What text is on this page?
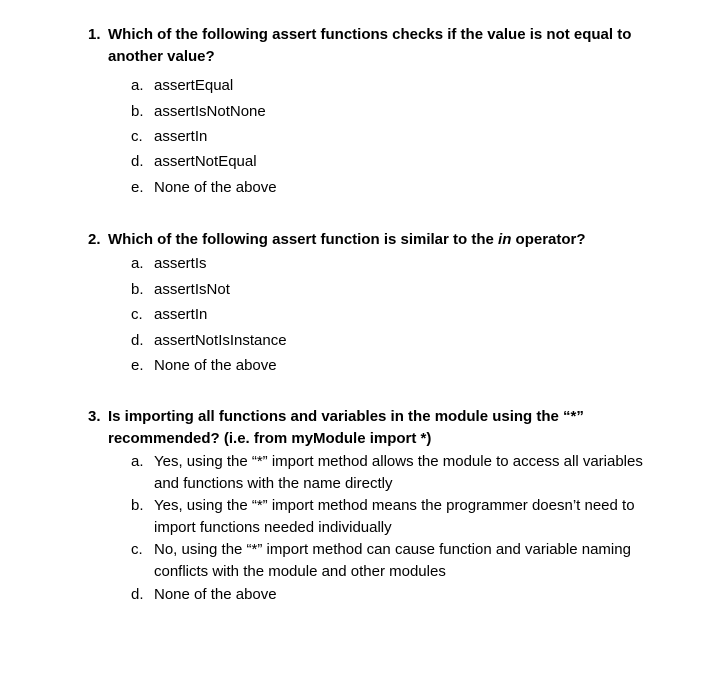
1. Which of the following assert functions checks if the value is not equal to another value?
a. assertEqual
b. assertIsNotNone
c. assertIn
d. assertNotEqual
e. None of the above
2. Which of the following assert function is similar to the in operator?
a. assertIs
b. assertIsNot
c. assertIn
d. assertNotIsInstance
e. None of the above
3. Is importing all functions and variables in the module using the “*” recommended? (i.e. from myModule import *)
a. Yes, using the “*” import method allows the module to access all variables and functions with the name directly
b. Yes, using the “*” import method means the programmer doesn’t need to import functions needed individually
c. No, using the “*” import method can cause function and variable naming conflicts with the module and other modules
d. None of the above
